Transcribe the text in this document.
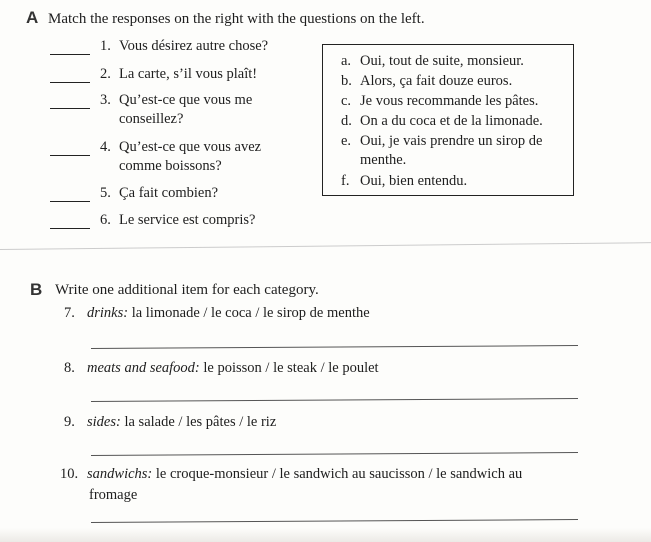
A Match the responses on the right with the questions on the left.
1. Vous désirez autre chose?
2. La carte, s’il vous plaît!
3. Qu’est-ce que vous me
conseillez?
4. Qu’est-ce que vous avez
comme boissons?
5. Ça fait combien?
6. Le service est compris?
a. Oui, tout de suite, monsieur.
b. Alors, ça fait douze euros.
c. Je vous recommande les pâtes.
d. On a du coca et de la limonade.
e. Oui, je vais prendre un sirop de
menthe.
f. Oui, bien entendu.
B Write one additional item for each category.
7. drinks: la limonade / le coca / le sirop de menthe
8. meats and seafood: le poisson / le steak / le poulet
9. sides: la salade / les pâtes / le riz
10. sandwichs: le croque-monsieur / le sandwich au saucisson / le sandwich au
fromage
